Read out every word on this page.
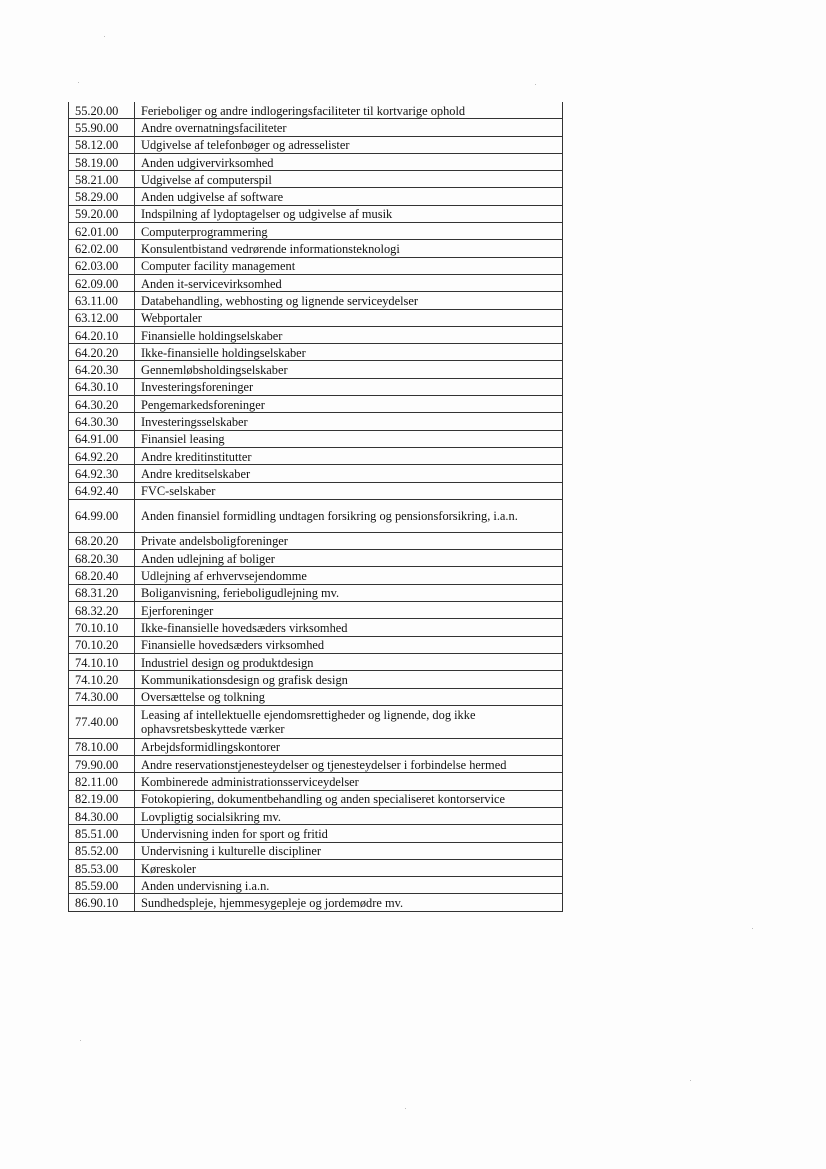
55.20.00	Ferieboliger og andre indlogeringsfaciliteter til kortvarige ophold
55.90.00	Andre overnatningsfaciliteter
58.12.00	Udgivelse af telefonbøger og adresselister
58.19.00	Anden udgivervirksomhed
58.21.00	Udgivelse af computerspil
58.29.00	Anden udgivelse af software
59.20.00	Indspilning af lydoptagelser og udgivelse af musik
62.01.00	Computerprogrammering
62.02.00	Konsulentbistand vedrørende informationsteknologi
62.03.00	Computer facility management
62.09.00	Anden it-servicevirksomhed
63.11.00	Databehandling, webhosting og lignende serviceydelser
63.12.00	Webportaler
64.20.10	Finansielle holdingselskaber
64.20.20	Ikke-finansielle holdingselskaber
64.20.30	Gennemløbsholdingselskaber
64.30.10	Investeringsforeninger
64.30.20	Pengemarkedsforeninger
64.30.30	Investeringsselskaber
64.91.00	Finansiel leasing
64.92.20	Andre kreditinstitutter
64.92.30	Andre kreditselskaber
64.92.40	FVC-selskaber
64.99.00	Anden finansiel formidling undtagen forsikring og pensionsforsikring, i.a.n.
68.20.20	Private andelsboligforeninger
68.20.30	Anden udlejning af boliger
68.20.40	Udlejning af erhvervsejendomme
68.31.20	Boliganvisning, ferieboligudlejning mv.
68.32.20	Ejerforeninger
70.10.10	Ikke-finansielle hovedsæders virksomhed
70.10.20	Finansielle hovedsæders virksomhed
74.10.10	Industriel design og produktdesign
74.10.20	Kommunikationsdesign og grafisk design
74.30.00	Oversættelse og tolkning
77.40.00	Leasing af intellektuelle ejendomsrettigheder og lignende, dog ikke ophavsretsbeskyttede værker
78.10.00	Arbejdsformidlingskontorer
79.90.00	Andre reservationstjenesteydelser og tjenesteydelser i forbindelse hermed
82.11.00	Kombinerede administrationsserviceydelser
82.19.00	Fotokopiering, dokumentbehandling og anden specialiseret kontorservice
84.30.00	Lovpligtig socialsikring mv.
85.51.00	Undervisning inden for sport og fritid
85.52.00	Undervisning i kulturelle discipliner
85.53.00	Køreskoler
85.59.00	Anden undervisning i.a.n.
86.90.10	Sundhedspleje, hjemmesygepleje og jordemødre mv.
